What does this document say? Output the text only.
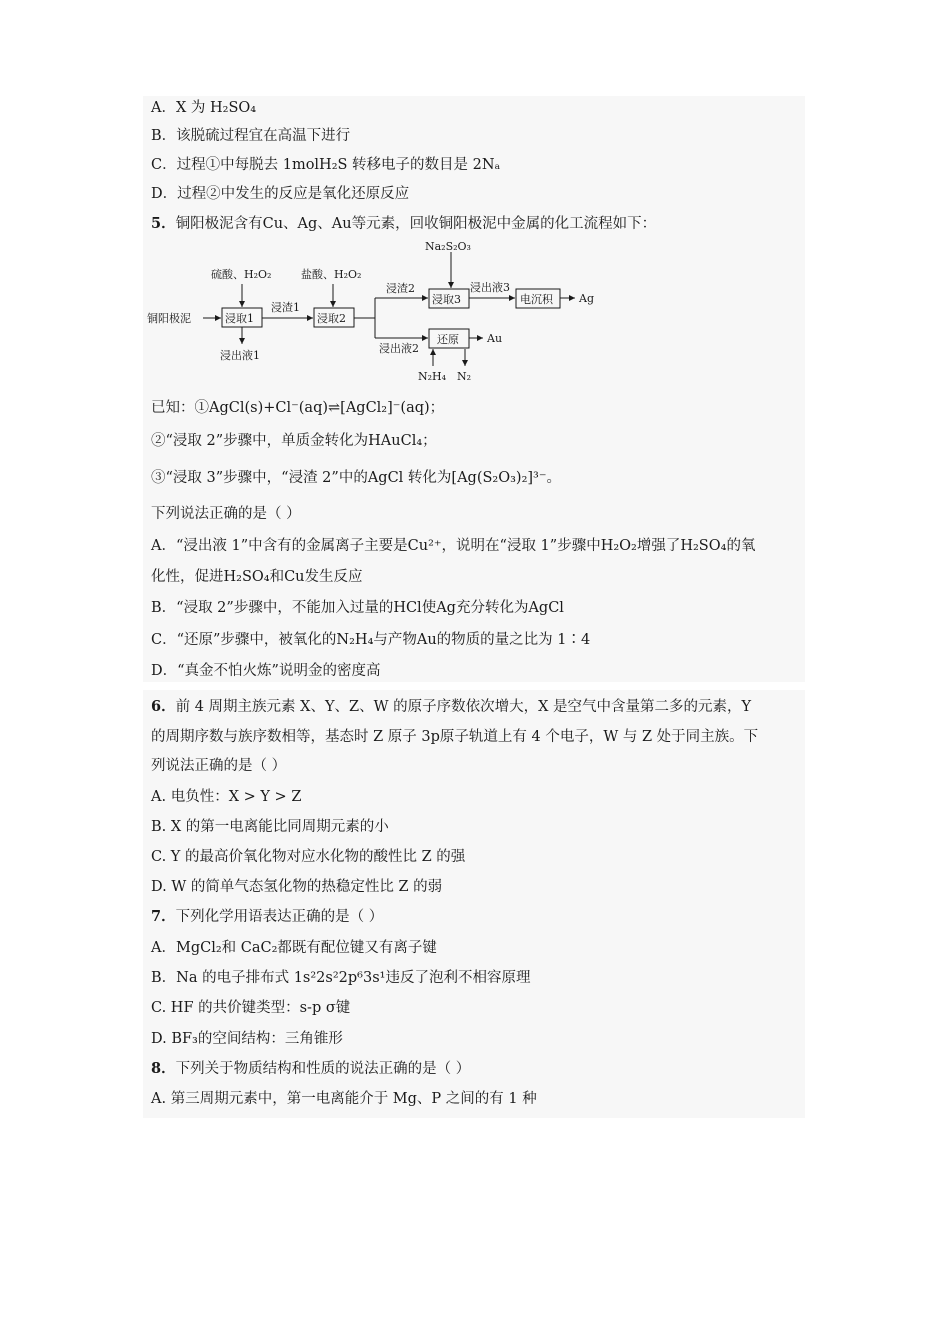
A．X 为 H₂SO₄
B．该脱硫过程宜在高温下进行
C．过程①中每脱去 1molH₂S 转移电子的数目是 2Nₐ
D．过程②中发生的反应是氧化还原反应
5．铜阳极泥含有Cu、Ag、Au等元素，回收铜阳极泥中金属的化工流程如下：
铜阳极泥
硫酸、H₂O₂
浸取1
浸出液1
浸渣1
盐酸、H₂O₂
浸取2
浸渣2
Na₂S₂O₃
浸取3
浸出液3
电沉积 Ag
浸出液2
还原	Au
N₂H₄ N₂
已知：①AgCl(s)+Cl⁻(aq)⇌[AgCl₂]⁻(aq)；
②“浸取 2”步骤中，单质金转化为HAuCl₄；
③“浸取 3”步骤中，“浸渣 2”中的AgCl 转化为[Ag(S₂O₃)₂]³⁻。
下列说法正确的是（ ）
A．“浸出液 1”中含有的金属离子主要是Cu²⁺，说明在“浸取 1”步骤中H₂O₂增强了H₂SO₄的氧
化性，促进H₂SO₄和Cu发生反应
B．“浸取 2”步骤中，不能加入过量的HCl使Ag充分转化为AgCl
C．“还原”步骤中，被氧化的N₂H₄与产物Au的物质的量之比为 1∶4
D．“真金不怕火炼”说明金的密度高
6．前 4 周期主族元素 X、Y、Z、W 的原子序数依次增大，X 是空气中含量第二多的元素，Y
的周期序数与族序数相等，基态时 Z 原子 3p原子轨道上有 4 个电子，W 与 Z 处于同主族。下
列说法正确的是（ ）
A. 电负性：X > Y > Z
B. X 的第一电离能比同周期元素的小
C. Y 的最高价氧化物对应水化物的酸性比 Z 的强
D. W 的简单气态氢化物的热稳定性比 Z 的弱
7．下列化学用语表达正确的是（ ）
A．MgCl₂和 CaC₂都既有配位键又有离子键
B．Na 的电子排布式 1s²2s²2p⁶3s¹违反了泡利不相容原理
C. HF 的共价键类型：s-p σ键
D. BF₃的空间结构：三角锥形
8．下列关于物质结构和性质的说法正确的是（ ）
A. 第三周期元素中，第一电离能介于 Mg、P 之间的有 1 种
